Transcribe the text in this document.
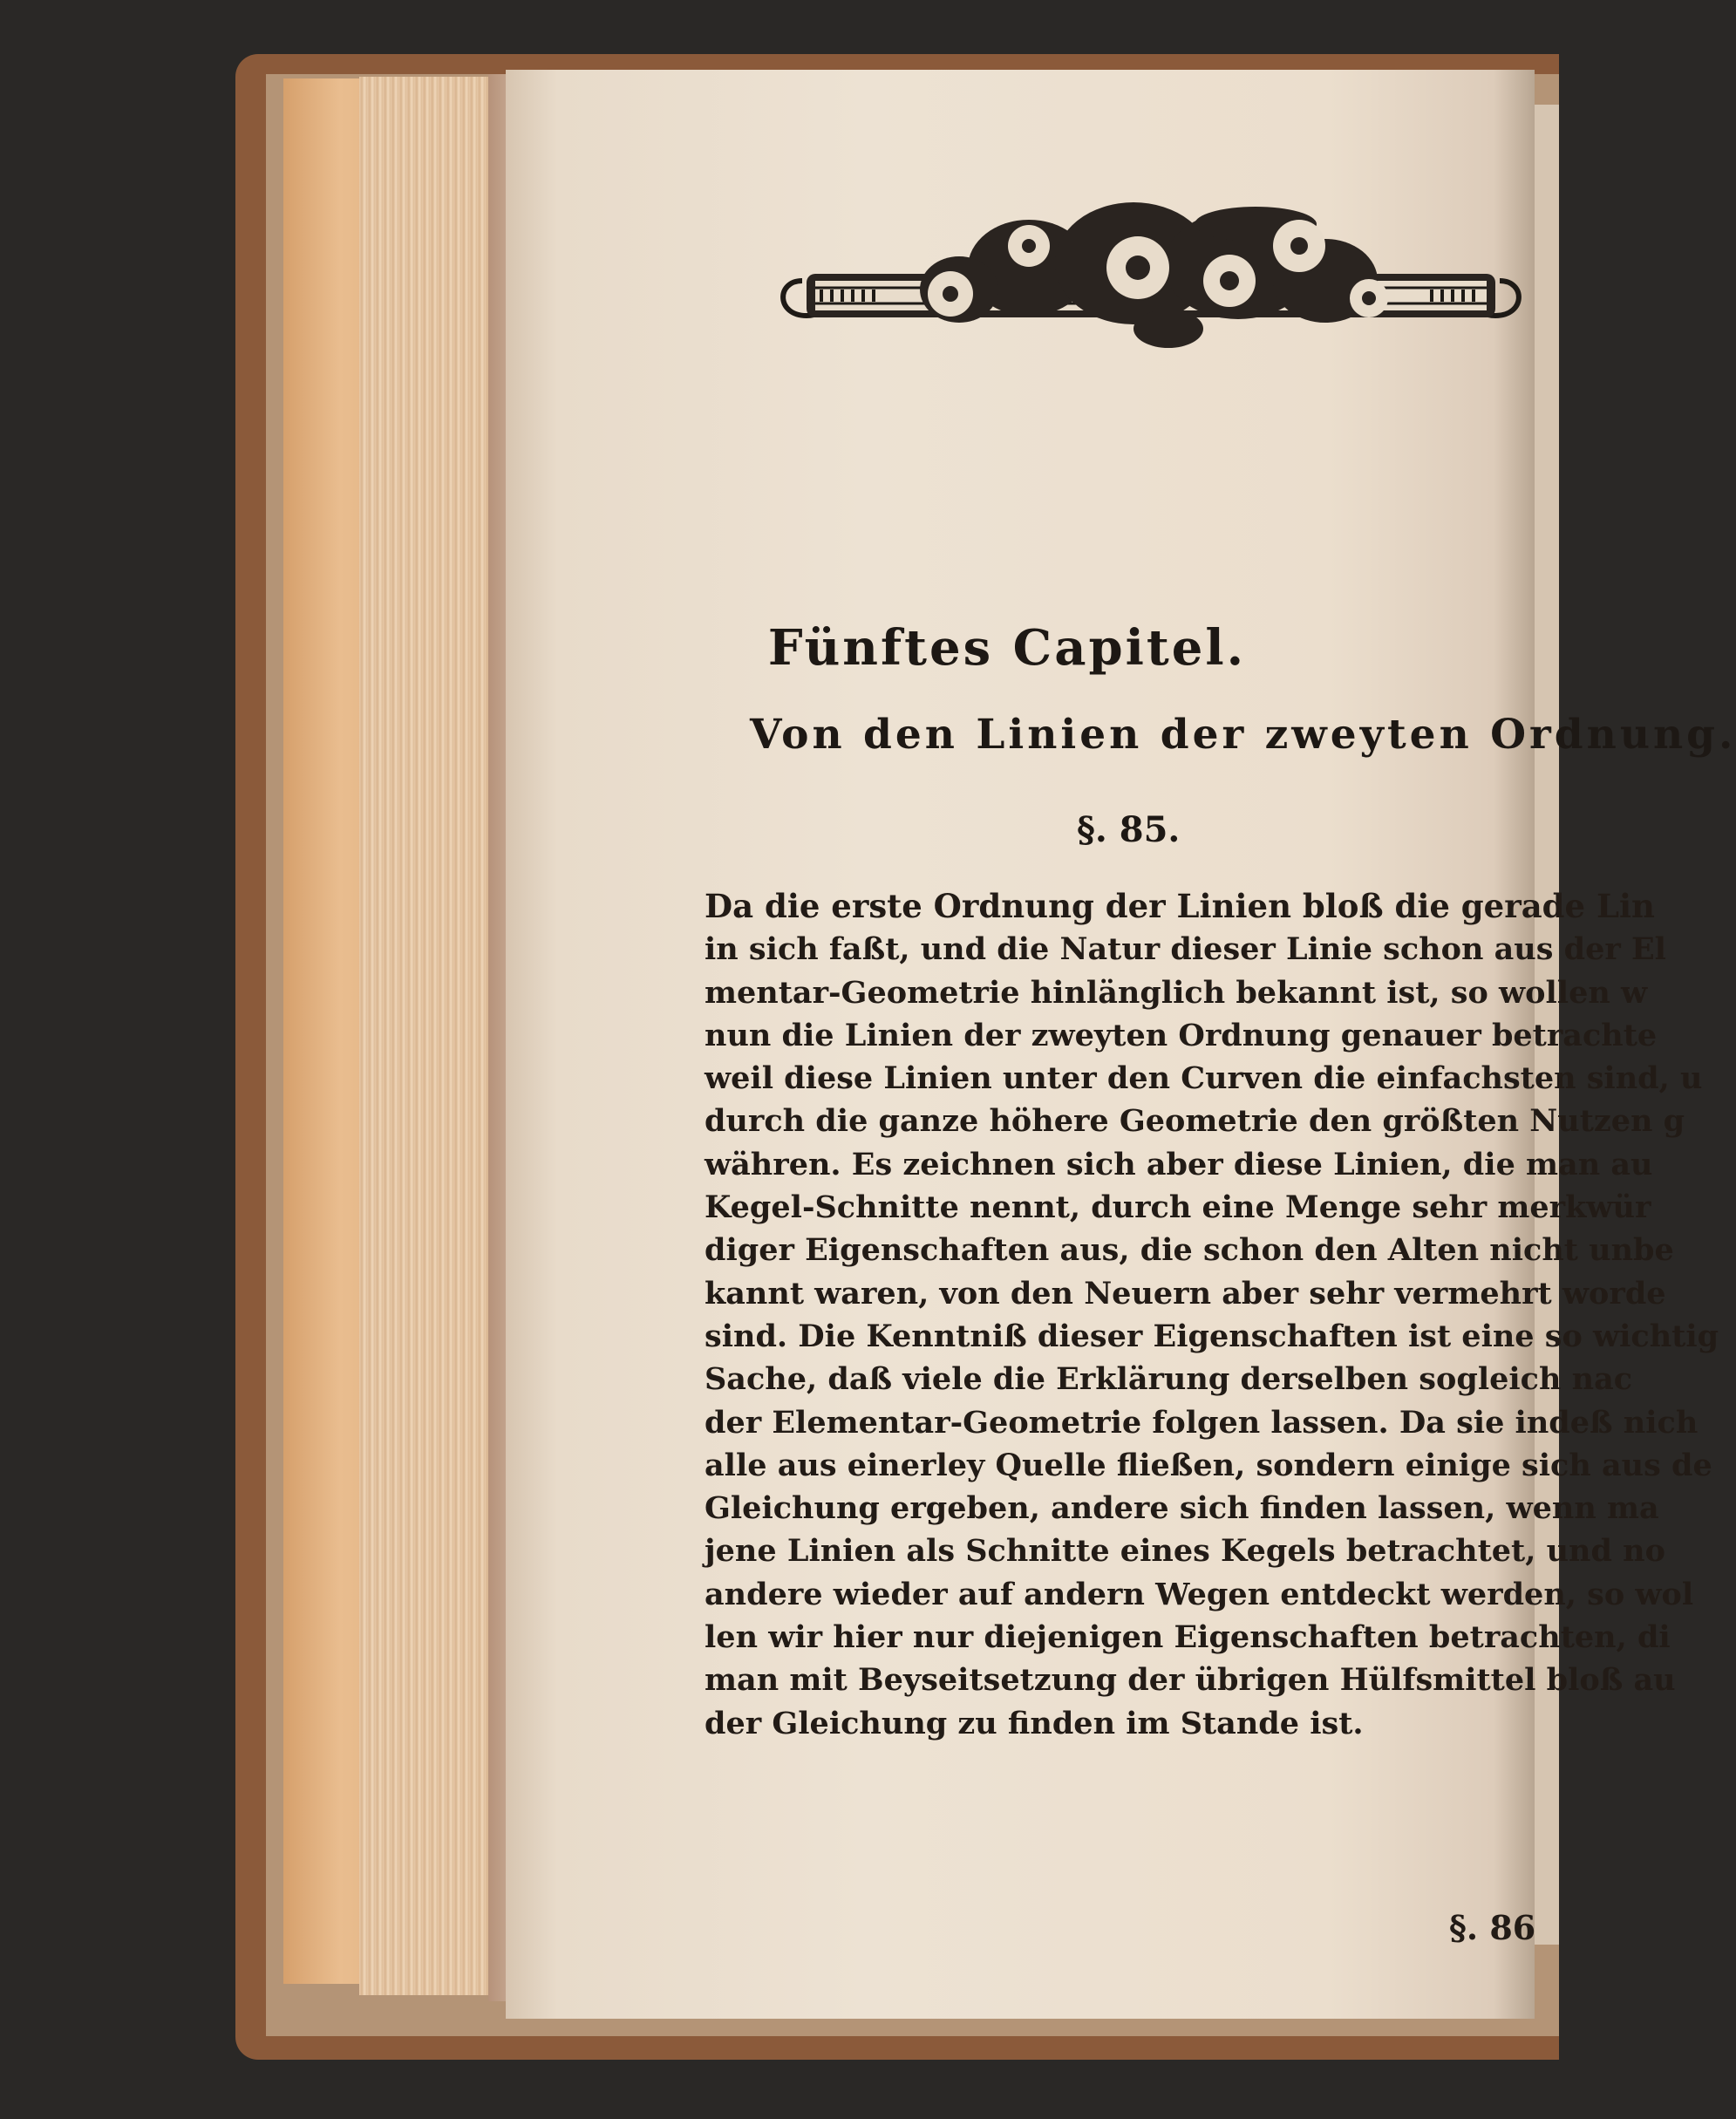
Fünftes Capitel.
Von den Linien der zweyten Ordnung.
§. 85.
Da die erste Ordnung der Linien bloß die gerade Lin
in sich faßt, und die Natur dieser Linie schon aus der El
mentar-Geometrie hinlänglich bekannt ist, so wollen w
nun die Linien der zweyten Ordnung genauer betrachte
weil diese Linien unter den Curven die einfachsten sind, u
durch die ganze höhere Geometrie den größten Nutzen g
währen. Es zeichnen sich aber diese Linien, die man au
Kegel-Schnitte nennt, durch eine Menge sehr merkwür
diger Eigenschaften aus, die schon den Alten nicht unbe
kannt waren, von den Neuern aber sehr vermehrt worde
sind. Die Kenntniß dieser Eigenschaften ist eine so wichtig
Sache, daß viele die Erklärung derselben sogleich nac
der Elementar-Geometrie folgen lassen. Da sie indeß nich
alle aus einerley Quelle fließen, sondern einige sich aus de
Gleichung ergeben, andere sich finden lassen, wenn ma
jene Linien als Schnitte eines Kegels betrachtet, und no
andere wieder auf andern Wegen entdeckt werden, so wol
len wir hier nur diejenigen Eigenschaften betrachten, di
man mit Beyseitsetzung der übrigen Hülfsmittel bloß au
der Gleichung zu finden im Stande ist.
§. 86
